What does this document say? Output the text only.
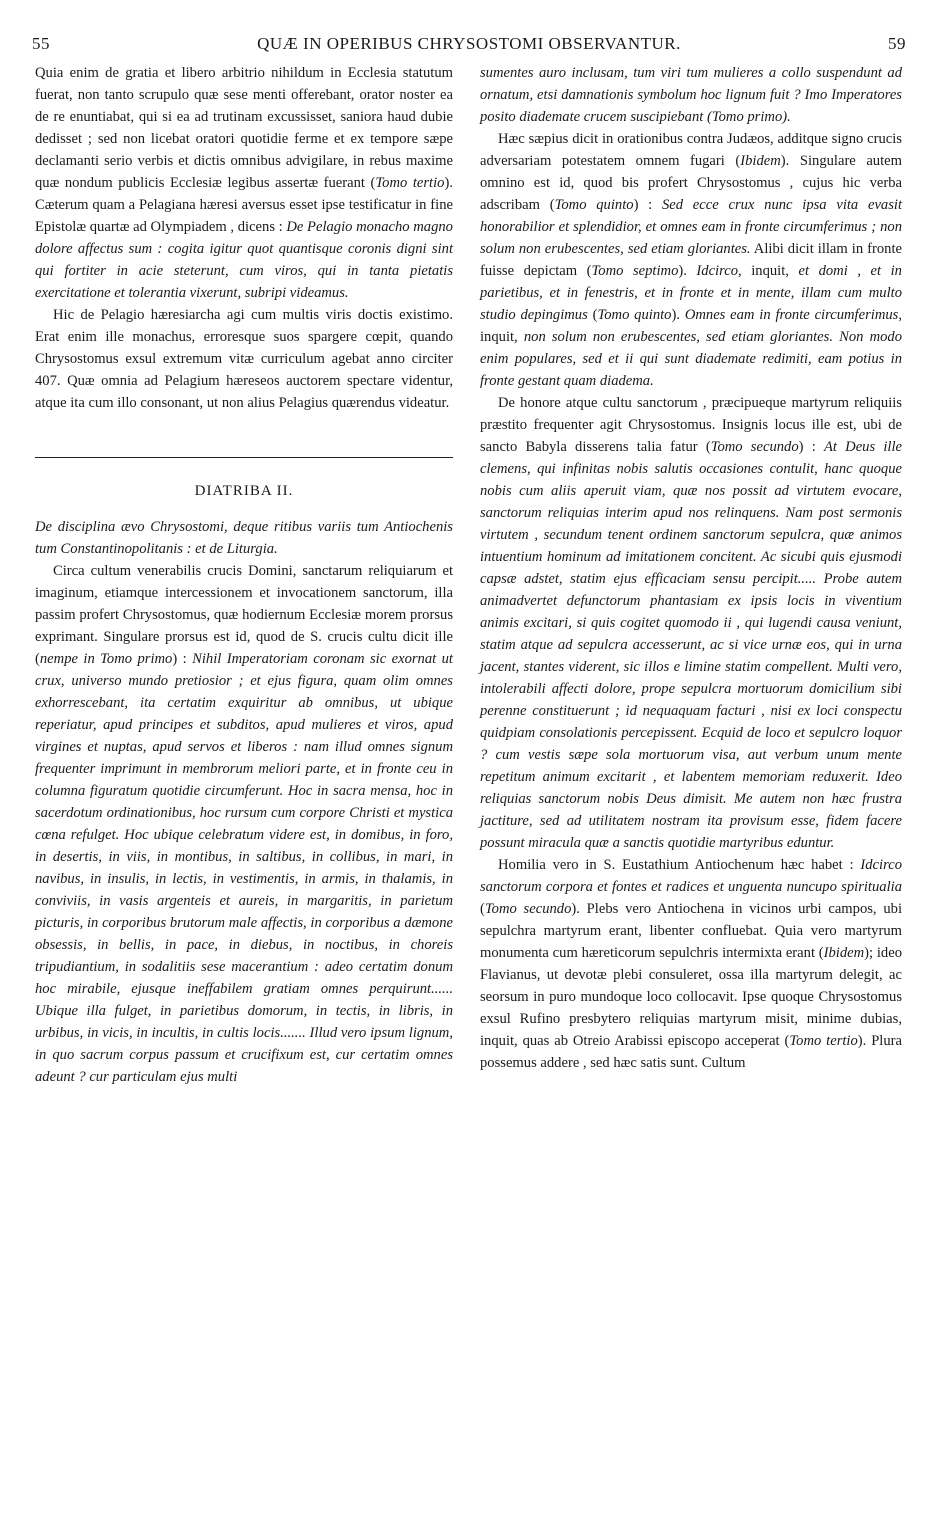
55	QUÆ IN OPERIBUS CHRYSOSTOMI OBSERVANTUR.	59

Quia enim de gratia et libero arbitrio nihildum in Ecclesia statutum fuerat, non tanto scrupulo quæ sese menti offerebant, orator noster ea de re enuntiabat, qui si ea ad trutinam excussisset, saniora haud dubie dedisset ; sed non licebat oratori quotidie ferme et ex tempore sæpe declamanti serio verbis et dictis omnibus advigilare, in rebus maxime quæ nondum publicis Ecclesiæ legibus assertæ fuerant (Tomo tertio). Cæterum quam a Pelagiana hæresi aversus esset ipse testificatur in fine Epistolæ quartæ ad Olympiadem , dicens : De Pelagio monacho magno dolore affectus sum : cogita igitur quot quantisque coronis digni sint qui fortiter in acie steterunt, cum viros, qui in tanta pietatis exercitatione et tolerantia vixerunt, subripi videamus.

Hic de Pelagio hæresiarcha agi cum multis viris doctis existimo. Erat enim ille monachus, erroresque suos spargere cœpit, quando Chrysostomus exsul extremum vitæ curriculum agebat anno circiter 407. Quæ omnia ad Pelagium hæreseos auctorem spectare videntur, atque ita cum illo consonant, ut non alius Pelagius quærendus videatur.

DIATRIBA II.

De disciplina ævo Chrysostomi, deque ritibus variis tum Antiochenis tum Constantinopolitanis : et de Liturgia.

Circa cultum venerabilis crucis Domini, sanctarum reliquiarum et imaginum, etiamque intercessionem et invocationem sanctorum, illa passim profert Chrysostomus, quæ hodiernum Ecclesiæ morem prorsus exprimant. Singulare prorsus est id, quod de S. crucis cultu dicit ille (nempe in Tomo primo) : Nihil Imperatoriam coronam sic exornat ut crux, universo mundo pretiosior ; et ejus figura, quam olim omnes exhorrescebant, ita certatim exquiritur ab omnibus, ut ubique reperiatur, apud principes et subditos, apud mulieres et viros, apud virgines et nuptas, apud servos et liberos : nam illud omnes signum frequenter imprimunt in membrorum meliori parte, et in fronte ceu in columna figuratum quotidie circumferunt. Hoc in sacra mensa, hoc in sacerdotum ordinationibus, hoc rursum cum corpore Christi et mystica cœna refulget. Hoc ubique celebratum videre est, in domibus, in foro, in desertis, in viis, in montibus, in saltibus, in collibus, in mari, in navibus, in insulis, in lectis, in vestimentis, in armis, in thalamis, in conviviis, in vasis argenteis et aureis, in margaritis, in parietum picturis, in corporibus brutorum male affectis, in corporibus a dæmone obsessis, in bellis, in pace, in diebus, in noctibus, in choreis tripudiantium, in sodalitiis sese macerantium : adeo certatim donum hoc mirabile, ejusque ineffabilem gratiam omnes perquirunt...... Ubique illa fulget, in parietibus domorum, in tectis, in libris, in urbibus, in vicis, in incultis, in cultis locis....... Illud vero ipsum lignum, in quo sacrum corpus passum et crucifixum est, cur certatim omnes adeunt ? cur particulam ejus multi

sumentes auro inclusam, tum viri tum mulieres a collo suspendunt ad ornatum, etsi damnationis symbolum hoc lignum fuit ? Imo Imperatores posito diadematе crucem suscipiebant (Tomo primo).

Hæc sæpius dicit in orationibus contra Judæos, additque signo crucis adversariam potestatem omnem fugari (Ibidem). Singulare autem omnino est id, quod bis profert Chrysostomus , cujus hic verba adscribam (Tomo quinto) : Sed ecce crux nunc ipsa vita evasit honorabilior et splendidior, et omnes eam in fronte circumferimus ; non solum non erubescentes, sed etiam gloriantes. Alibi dicit illam in fronte fuisse depictam (Tomo septimo). Idcirco, inquit, et domi , et in parietibus, et in fenestris, et in fronte et in mente, illam cum multo studio depingimus (Tomo quinto). Omnes eam in fronte circumferimus, inquit, non solum non erubescentes, sed etiam gloriantes. Non modo enim populares, sed et ii qui sunt diademate redimiti, eam potius in fronte gestant quam diadema.

De honore atque cultu sanctorum , præcipueque martyrum reliquiis præstito frequenter agit Chrysostomus. Insignis locus ille est, ubi de sancto Babyla disserens talia fatur (Tomo secundo) : At Deus ille clemens, qui infinitas nobis salutis occasiones contulit, hanc quoque nobis cum aliis aperuit viam, quæ nos possit ad virtutem evocare, sanctorum reliquias interim apud nos relinquens. Nam post sermonis virtutem , secundum tenent ordinem sanctorum sepulcra, quæ animos intuentium hominum ad imitationem concitent. Ac sicubi quis ejusmodi capsæ adstet, statim ejus efficaciam sensu percipit..... Probe autem animadvertet defunctorum phantasiam ex ipsis locis in viventium animis excitari, si quis cogitet quomodo ii , qui lugendi causa veniunt, statim atque ad sepulcra accesserunt, ac si vice urnæ eos, qui in urna jacent, stantes viderent, sic illos e limine statim compellent. Multi vero, intolerabili affecti dolore, prope sepulcra mortuorum domicilium sibi perenne constituerunt ; id nequaquam facturi , nisi ex loci conspectu quidpiam consolationis percepissent. Ecquid de loco et sepulcro loquor ? cum vestis sæpe sola mortuorum visa, aut verbum unum mente repetitum animum excitarit , et labentem memoriam reduxerit. Ideo reliquias sanctorum nobis Deus dimisit. Me autem non hæc frustra jactiture, sed ad utilitatem nostram ita provisum esse, fidem facere possunt miracula quæ a sanctis quotidie martyribus eduntur.

Homilia vero in S. Eustathium Antiochenum hæc habet : Idcirco sanctorum corpora et fontes et radices et unguenta nuncupo spiritualia (Tomo secundo). Plebs vero Antiochena in vicinos urbi campos, ubi sepulchra martyrum erant, libenter confluebat. Quia vero martyrum monumenta cum hæreticorum sepulchris intermixta erant (Ibidem); ideo Flavianus, ut devotæ plebi consuleret, ossa illa martyrum delegit, ac seorsum in puro mundoque loco collocavit. Ipse quoque Chrysostomus exsul Rufino presbytero reliquias martyrum misit, minime dubias, inquit, quas ab Otreio Arabissi episcopo acceperat (Tomo tertio). Plura possemus addere , sed hæc satis sunt. Cultum
